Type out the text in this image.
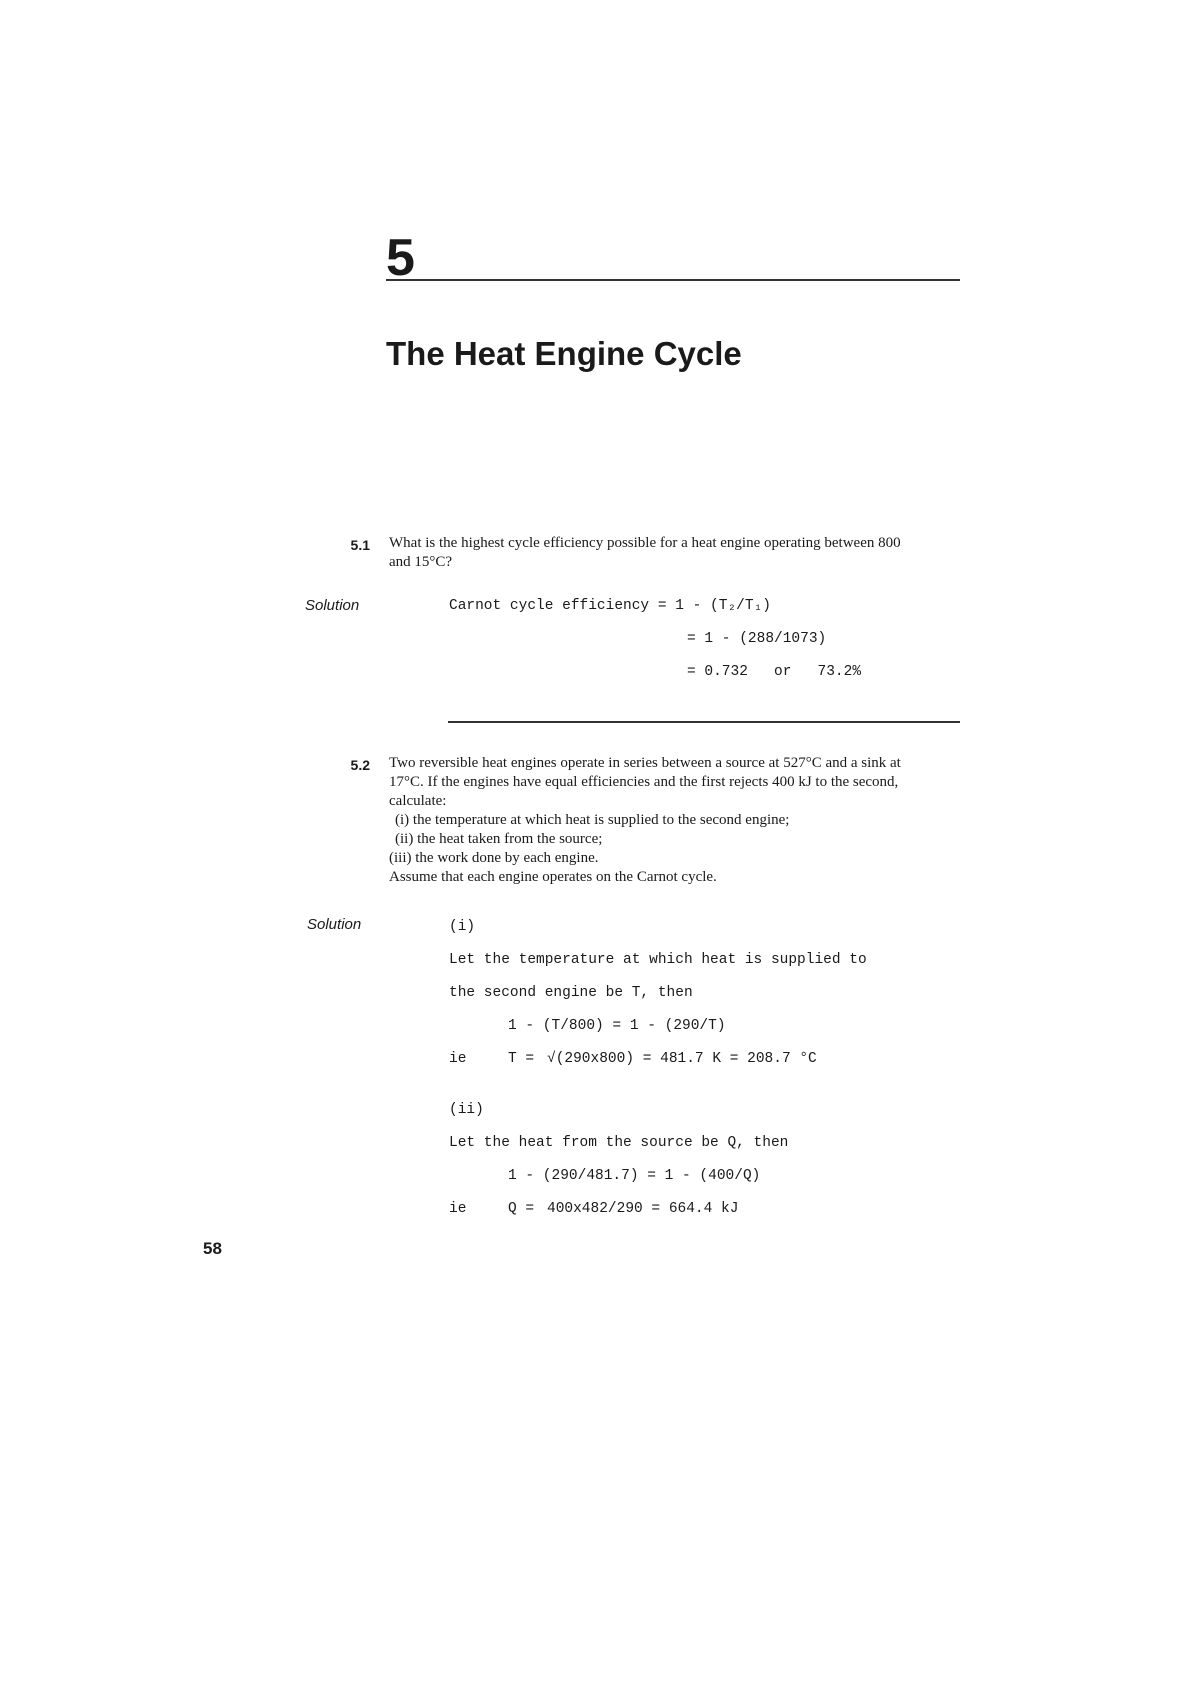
5
The Heat Engine Cycle
5.1 What is the highest cycle efficiency possible for a heat engine operating between 800

and 15°C?

Solution	Carnot cycle efficiency = 1 - (T₂/T₁)
= 1 - (288/1073)
= 0.732   or   73.2%
5.2 Two reversible heat engines operate in series between a source at 527°C and a sink at

17°C. If the engines have equal efficiencies and the first rejects 400 kJ to the second,

calculate:

(i) the temperature at which heat is supplied to the second engine;

(ii) the heat taken from the source;

(iii) the work done by each engine.

Assume that each engine operates on the Carnot cycle.

Solution	(i)
Let the temperature at which heat is supplied to
the second engine be T, then
1 - (T/800) = 1 - (290/T)
ie	T = √(290x800) = 481.7 K = 208.7 °C
(ii)
Let the heat from the source be Q, then
1 - (290/481.7) = 1 - (400/Q)
ie	Q = 400x482/290 = 664.4 kJ
58
